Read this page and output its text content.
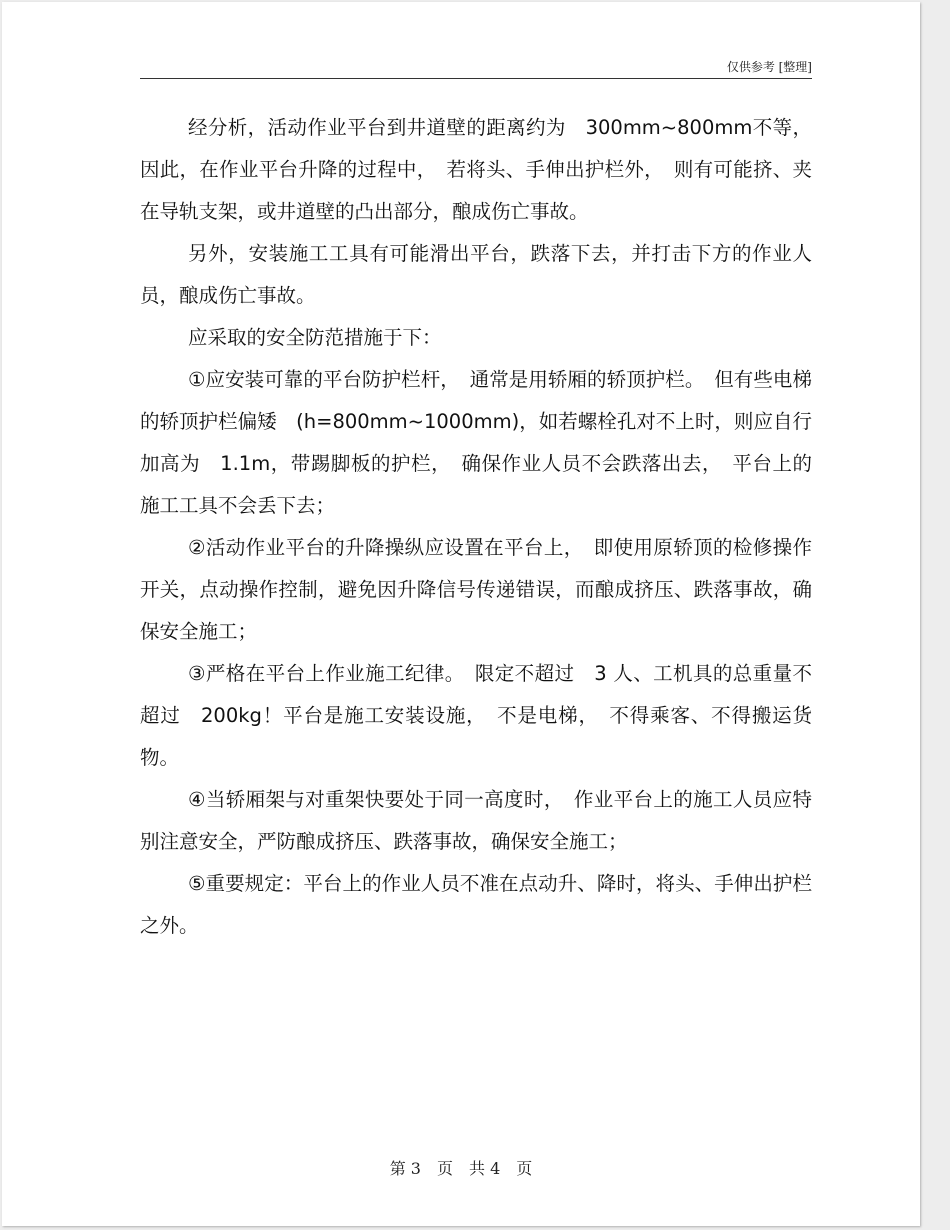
仅供参考 [整理]

经分析，活动作业平台到井道壁的距离约为　300mm~800mm不等，因此，在作业平台升降的过程中，　若将头、手伸出护栏外，　则有可能挤、夹在导轨支架，或井道壁的凸出部分，酿成伤亡事故。

另外，安装施工工具有可能滑出平台，跌落下去，并打击下方的作业人员，酿成伤亡事故。

应采取的安全防范措施于下：

①应安装可靠的平台防护栏杆，　通常是用轿厢的轿顶护栏。　但有些电梯的轿顶护栏偏矮　(h=800mm~1000mm)，如若螺栓孔对不上时，则应自行加高为　1.1m，带踢脚板的护栏，　确保作业人员不会跌落出去，　平台上的施工工具不会丢下去；

②活动作业平台的升降操纵应设置在平台上，　即使用原轿顶的检修操作开关，点动操作控制，避免因升降信号传递错误，而酿成挤压、跌落事故，确保安全施工；

③严格在平台上作业施工纪律。　限定不超过　3 人、工机具的总重量不超过　200kg！平台是施工安装设施，　不是电梯，　不得乘客、不得搬运货物。

④当轿厢架与对重架快要处于同一高度时，　作业平台上的施工人员应特别注意安全，严防酿成挤压、跌落事故，确保安全施工；

⑤重要规定：平台上的作业人员不准在点动升、降时，将头、手伸出护栏之外。

第 3　页　共 4　页
